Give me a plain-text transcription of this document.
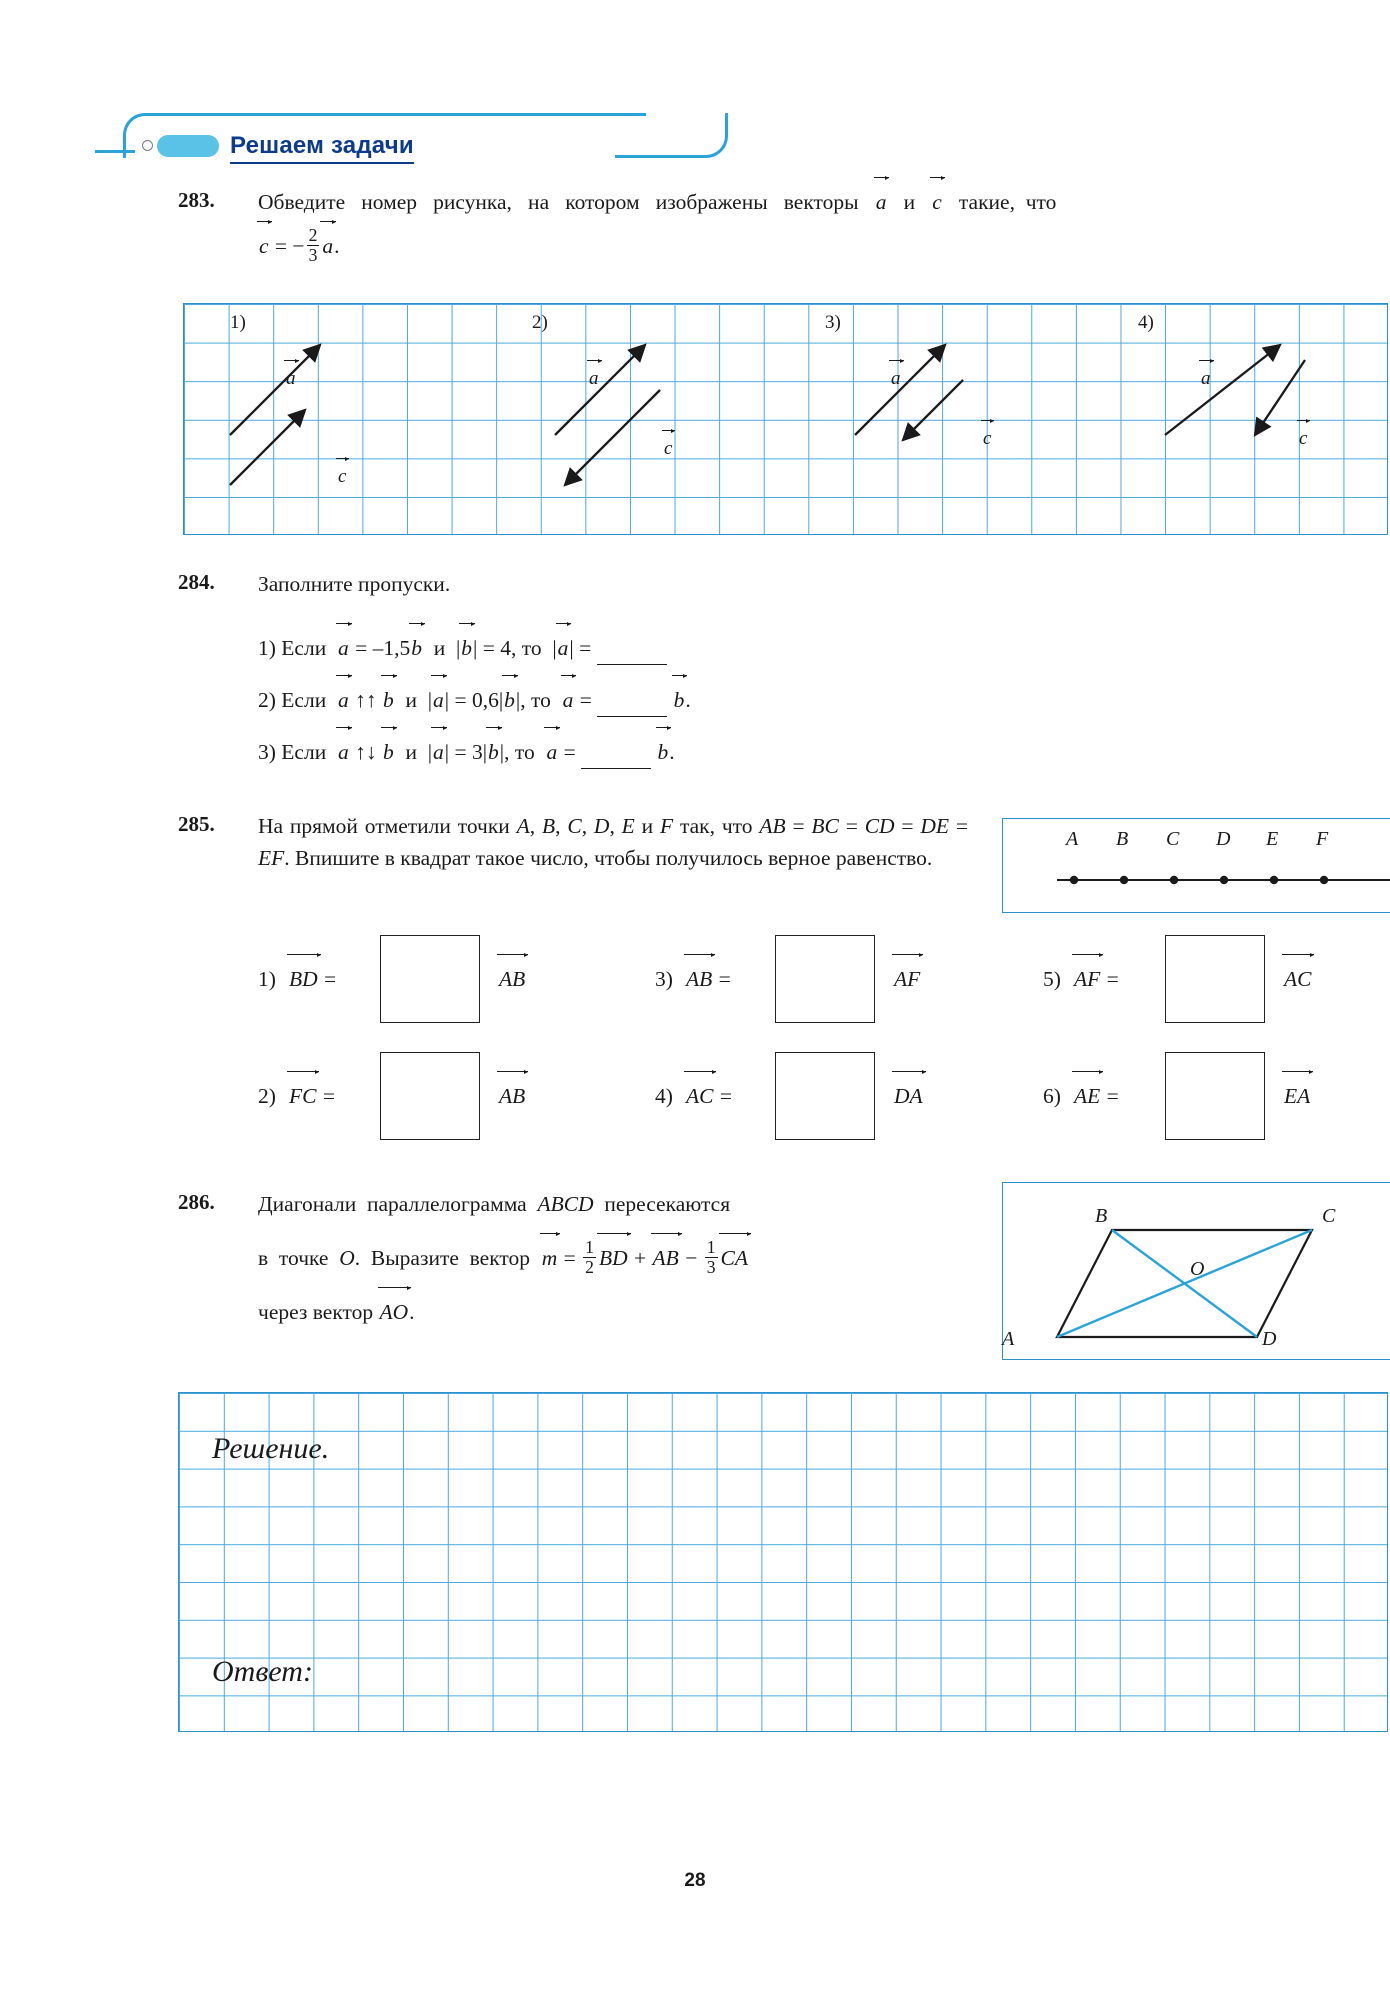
Решаем задачи
283. Обведите   номер   рисунка,   на   котором   изображены   векторы   a   и   c   такие,  что
c = − $\frac{2}{3} a$.
1)
a
c
2)
a
c
3)
a
c
4)
a
c
284. Заполните пропуски.
1) Если  a = –1,5b  и  |b| = 4, то  |a| =
2) Если  a ↑↑ b  и  |a| = 0,6|b|, то  a =	b.
3) Если  a ↑↓ b  и  |a| = 3|b|, то  a =	b.
285. На прямой отметили точки A, B, C, D, E и F так, что AB = BC = CD = DE = EF. Впишите в квадрат такое число, чтобы получилось верное равенство.
A B C D E F
1) BD =	AB	3) AB =	AF	5) AF =	AC
2) FC =	AB	4) AC =	DA	6) AE =	EA
286. Диагонали  параллелограмма  ABCD  пересекаются
в  точке  O.  Выразите  вектор  $m = \frac{1}{2}$ BD + AB − $\frac{1}{3}$ CA
через вектор AO.
B	C
A	D
O
Решение.
Ответ:
28
